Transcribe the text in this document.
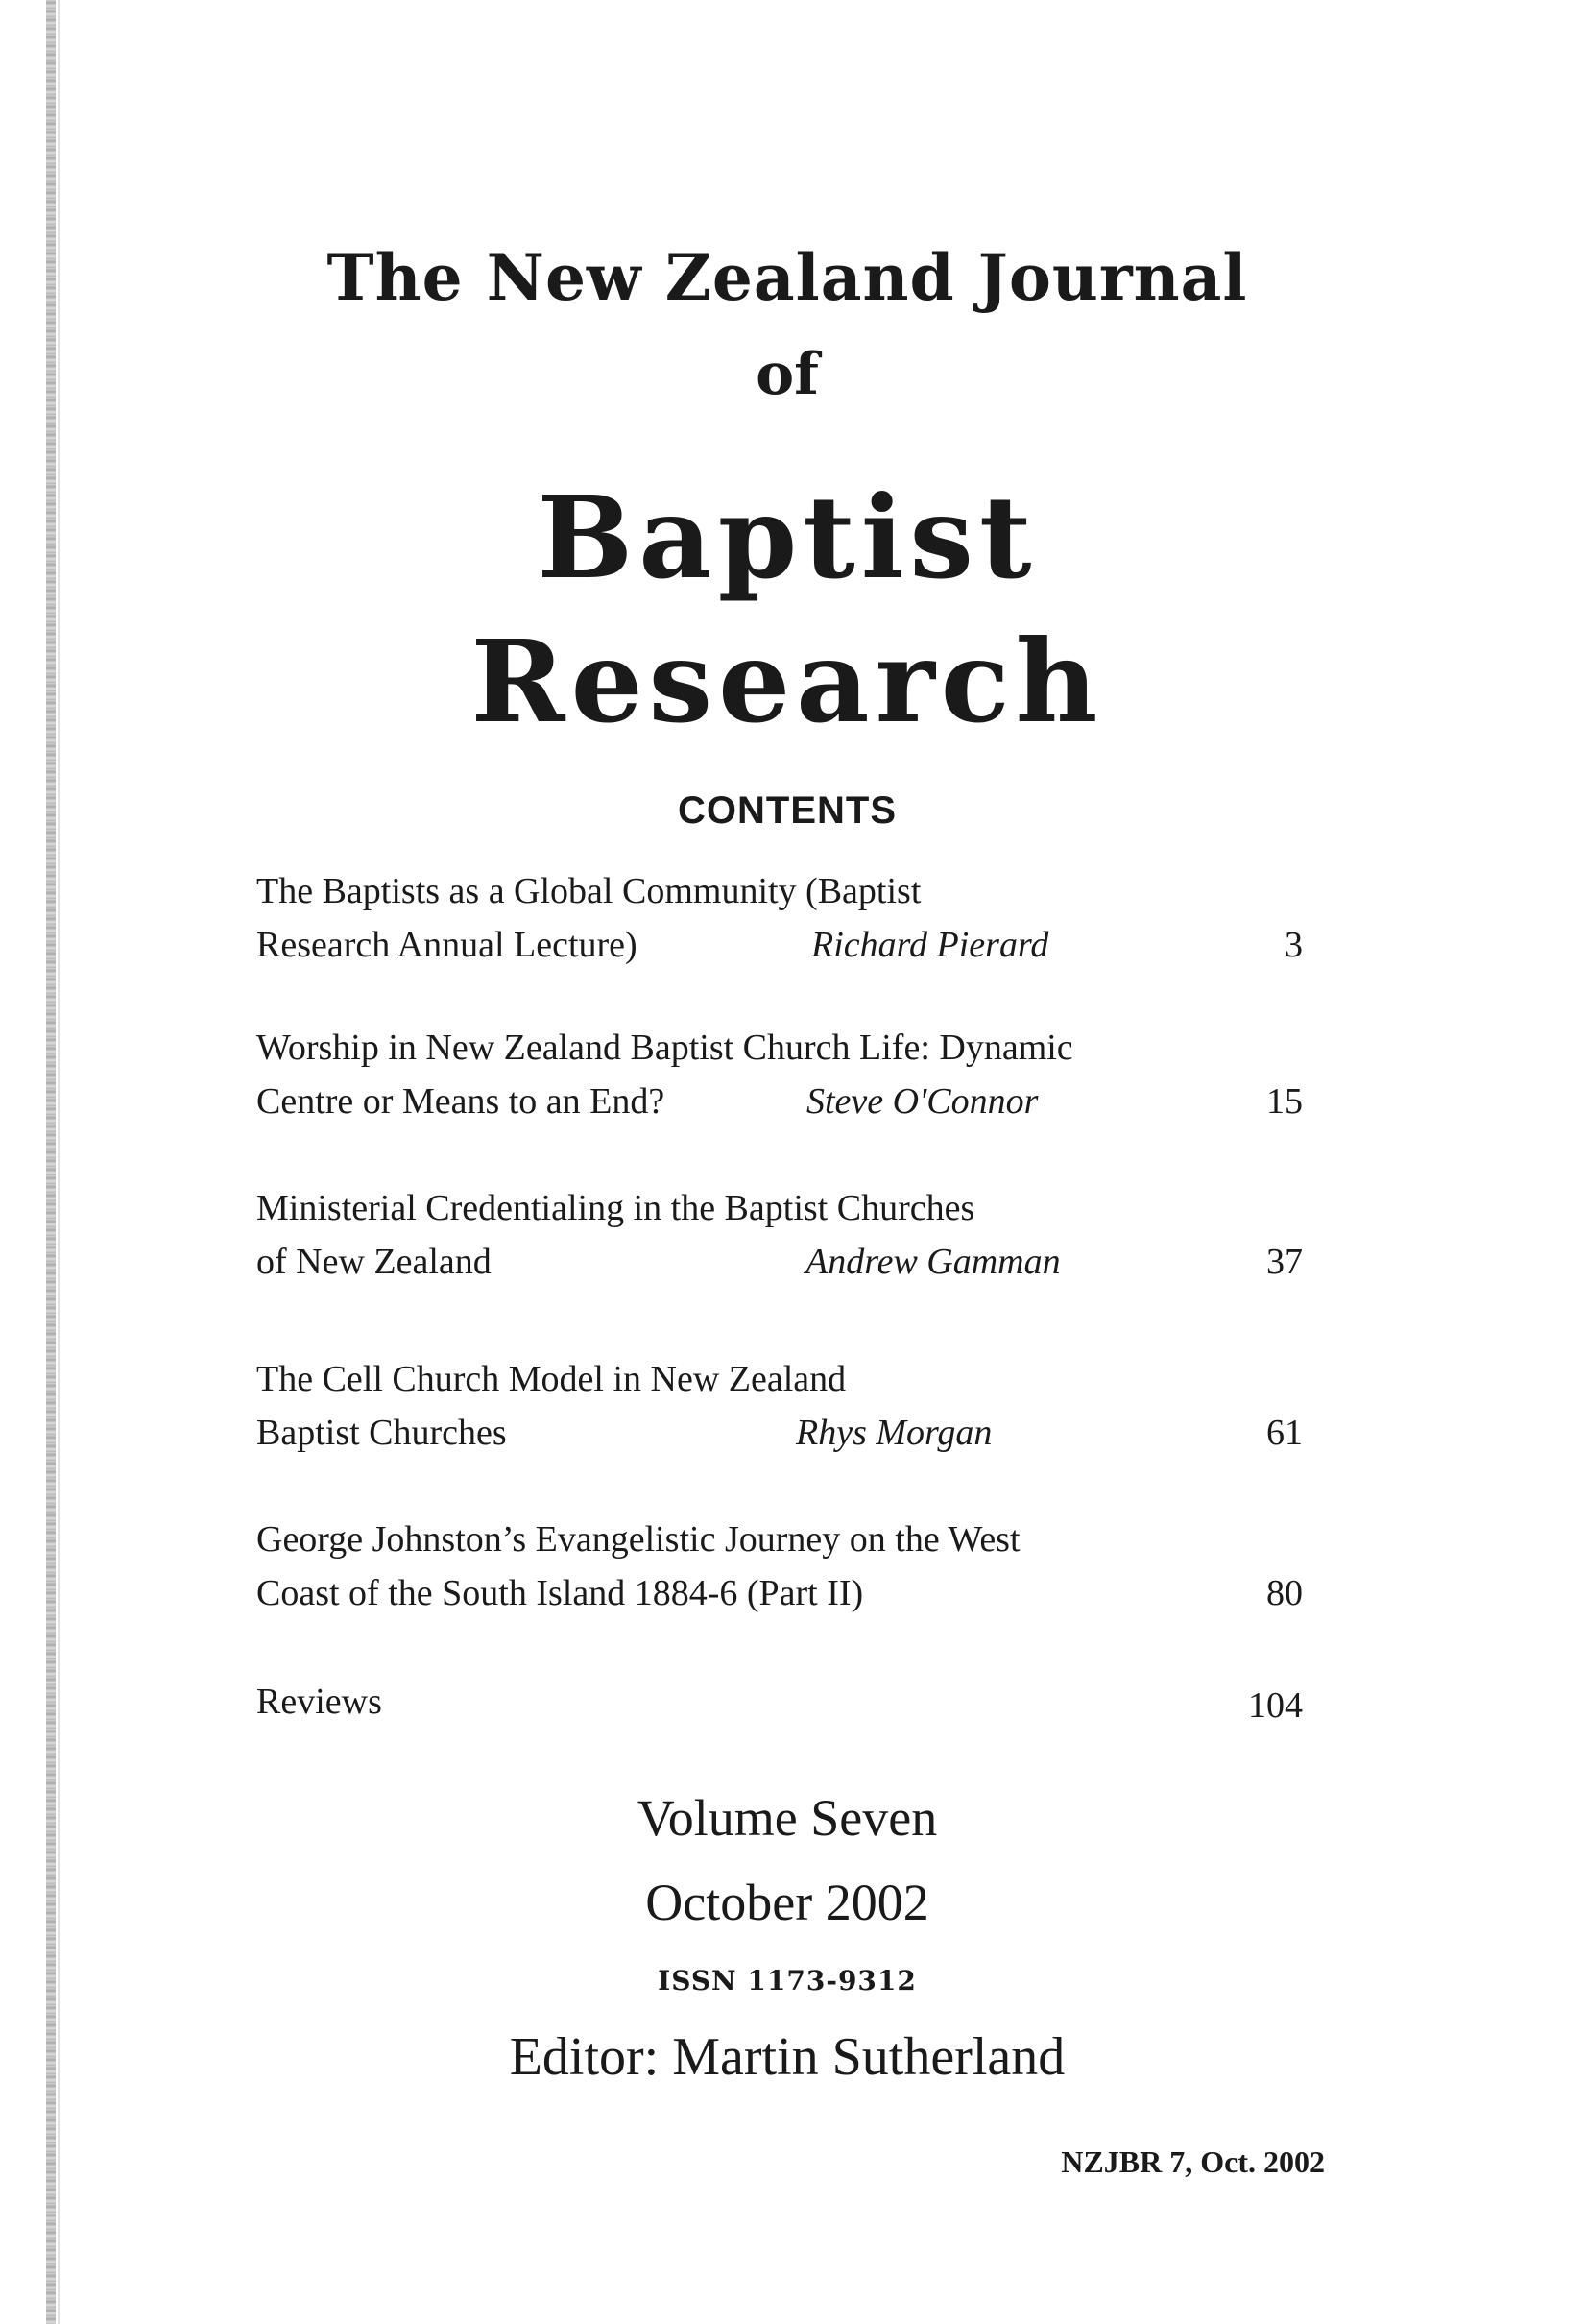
The New Zealand Journal
of
Baptist
Research
CONTENTS
The Baptists as a Global Community (Baptist
Research Annual Lecture)	Richard Pierard	3
Worship in New Zealand Baptist Church Life: Dynamic
Centre or Means to an End?	Steve O'Connor	15
Ministerial Credentialing in the Baptist Churches
of New Zealand	Andrew Gamman	37
The Cell Church Model in New Zealand
Baptist Churches	Rhys Morgan	61
George Johnston’s Evangelistic Journey on the West
Coast of the South Island 1884-6 (Part II)	80
Reviews	104
Volume Seven
October 2002
ISSN 1173-9312
Editor: Martin Sutherland
NZJBR 7, Oct. 2002
